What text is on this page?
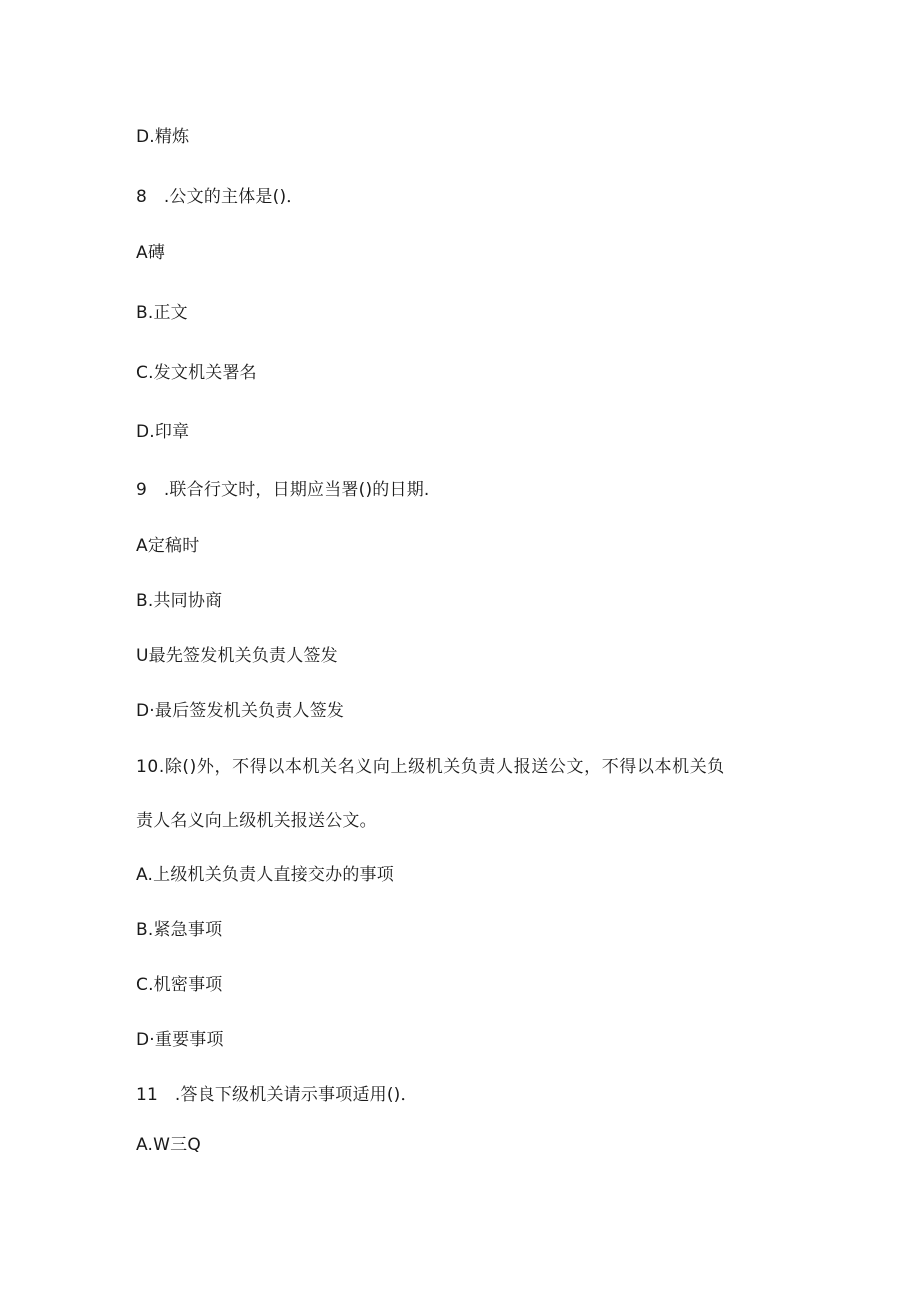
D.精炼
8   .公文的主体是()．
A磚
B.正文
C.发文机关署名
D.印章
9   .联合行文时，日期应当署()的日期.
A定稿时
B.共同协商
U最先签发机关负责人签发
D·最后签发机关负责人签发
10.除()外，不得以本机关名义向上级机关负责人报送公文，不得以本机关负
责人名义向上级机关报送公文。
A.上级机关负责人直接交办的事项
B.紧急事项
C.机密事项
D·重要事项
11   .答良下级机关请示事项适用()．
A.W三Q
